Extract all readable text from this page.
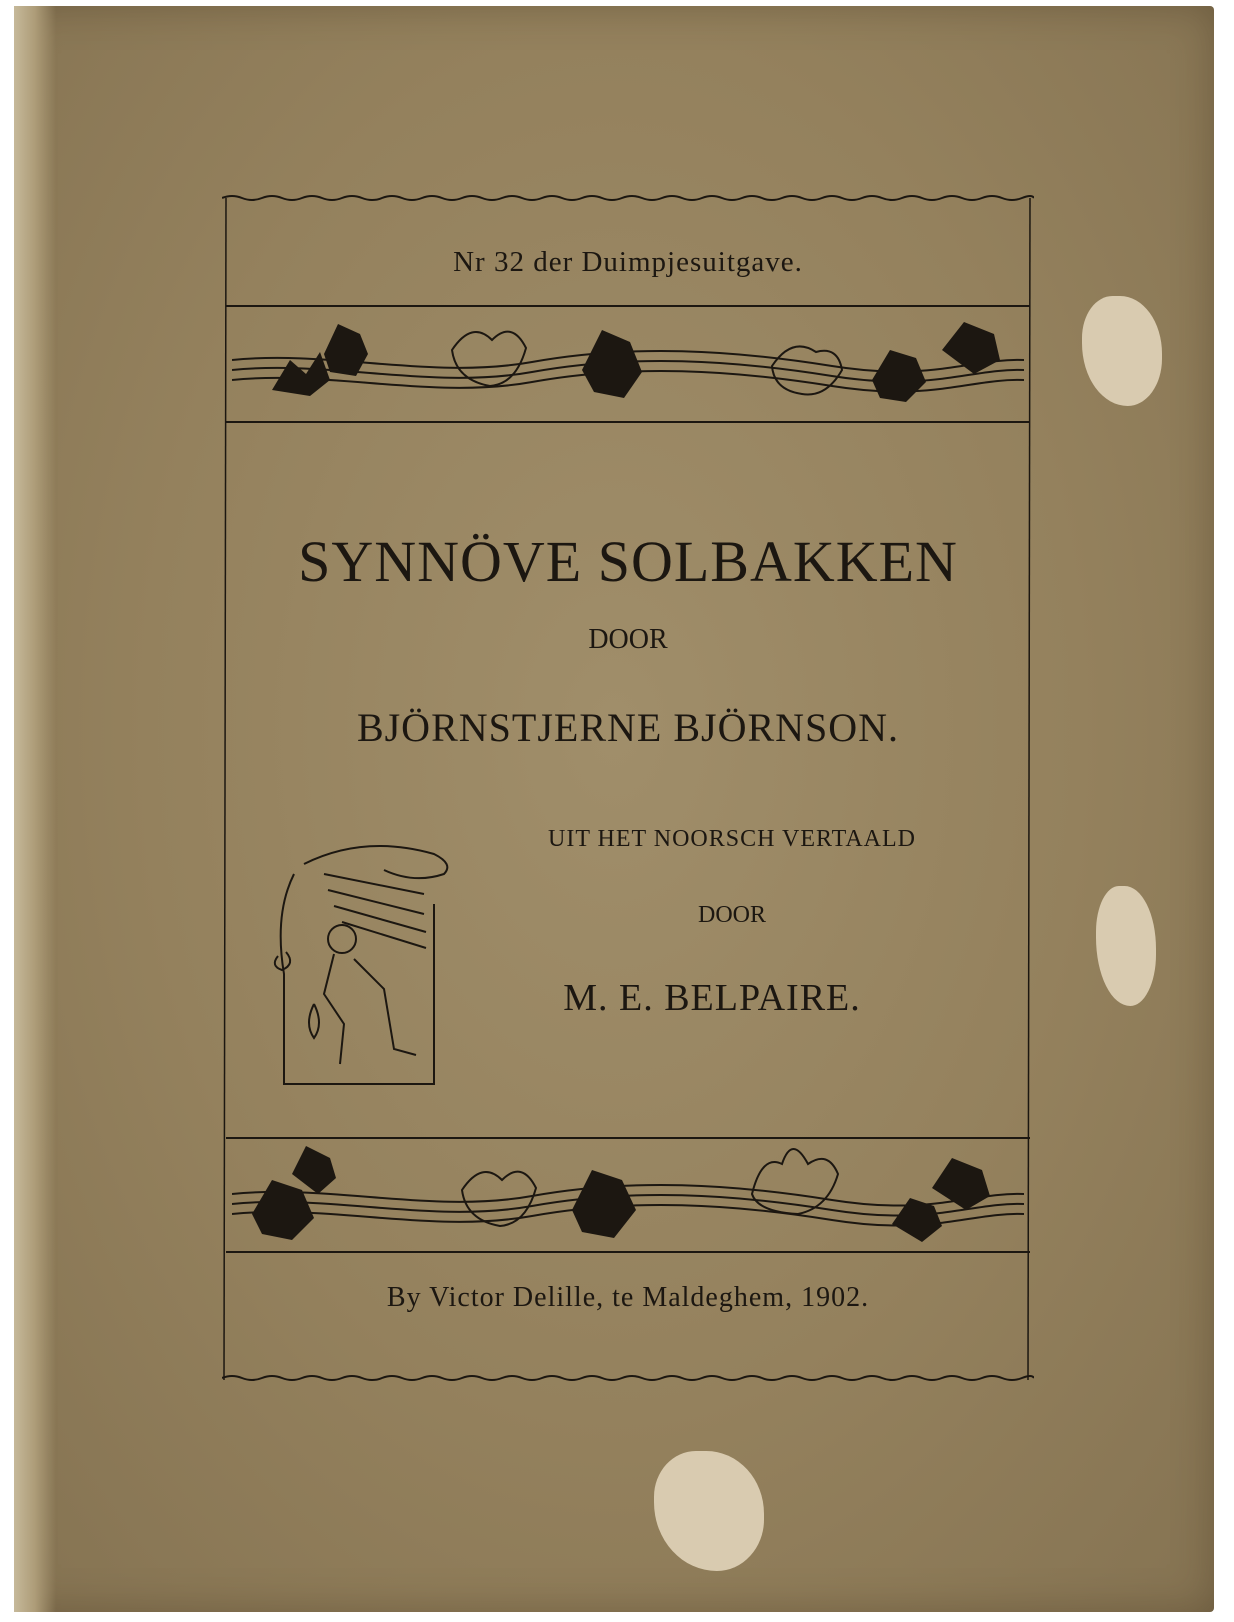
Nr 32 der Duimpjesuitgave.
SYNNÖVE SOLBAKKEN
DOOR
BJÖRNSTJERNE BJÖRNSON.
UIT HET NOORSCH VERTAALD
DOOR
M. E. BELPAIRE.
By Victor Delille, te Maldeghem, 1902.
